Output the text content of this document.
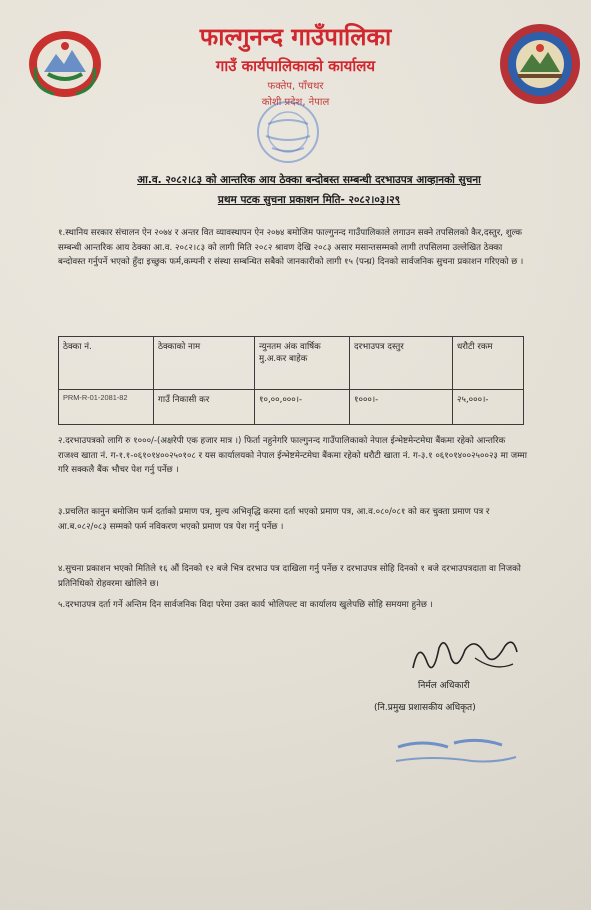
फाल्गुनन्द गाउँपालिका
गाउँ कार्यपालिकाको कार्यालय
फक्तेप, पाँचथर
कोशी प्रदेश, नेपाल
आ.व. २०८२।८३ को आन्तरिक आय ठेक्का बन्दोबस्त सम्बन्धी दरभाउपत्र आव्हानको सुचना
प्रथम पटक सुचना प्रकाशन मिति- २०८२।०३।२९
१.स्थानिय सरकार संचालन ऐन २०७४ र अन्तर वित व्यावस्थापन ऐन २०७४ बमोजिम फाल्गुनन्द गाउँपालिकाले लगाउन सक्ने तपसिलको कैर,दस्तुर, शुल्क सम्बन्धी आन्तरिक आय ठेक्का आ.व. २०८२।८३ को लागी मिति २०८२ श्रावण देखि २०८३ असार मसान्तसम्मको लागी तपसिलमा उल्लेखित ठेक्का बन्दोवस्त गर्नुपर्ने भएको हुँदा इच्छुक फर्म,कम्पनी र संस्था सम्बन्धित सबैको जानकारीको लागी १५ (पन्ध्र) दिनको सार्वजनिक सुचना प्रकाशन गरिएको छ ।
ठेक्का नं.	ठेक्काको नाम	न्युनतम अंक वार्षिक मु.अ.कर बाहेक	दरभाउपत्र दस्तुर	धरौटी रकम
PRM-R-01-2081-82	गाउँ निकासी कर	१०,००,०००।-	१०००।-	२५,०००।-
२.दरभाउपत्रको लागि रु १०००/-(अक्षरेपी एक हजार मात्र ।) फिर्ता नहुनेगरि फाल्गुनन्द गाउँपालिकाको नेपाल ईन्भेष्टमेन्टमेघा बैंकमा रहेको आन्तरिक राजश्व खाता नं. ग-१.१-०६१०१४००२५०१०८ र यस कार्यालयको नेपाल ईन्भेष्टमेन्टमेघा बैंकमा रहेको धरौटी खाता नं. ग-३.१ ०६१०१४००२५००२३ मा जम्मा गरि सक्कलै बैंक भौचर पेश गर्नु पर्नेछ ।
३.प्रचलित कानुन बमोजिम फर्म दर्ताको प्रमाण पत्र, मुल्य अभिवृद्धि करमा दर्ता भएको प्रमाण पत्र, आ.व.०८०/०८१ को कर चुक्ता प्रमाण पत्र र आ.ब.०८२/०८३ सम्मको फर्म नविकरण भएको प्रमाण पत्र पेश गर्नु पर्नेछ ।
४.सुचना प्रकाशन भएको मितिले १६ औं दिनको १२ बजे भित्र दरभाउ पत्र दाखिला गर्नु पर्नेछ र दरभाउपत्र सोहि दिनको १ बजे दरभाउपत्रदाता वा निजको प्रतिनिधिको रोहवरमा खोलिने छ।
५.दरभाउपत्र दर्ता गर्ने अन्तिम दिन सार्वजनिक विदा परेमा उक्त कार्य भोलिपल्ट वा कार्यालय खुलेपछि सोहि समयमा हुनेछ ।
निर्मल अधिकारी
(नि.प्रमुख प्रशासकीय अधिकृत)
